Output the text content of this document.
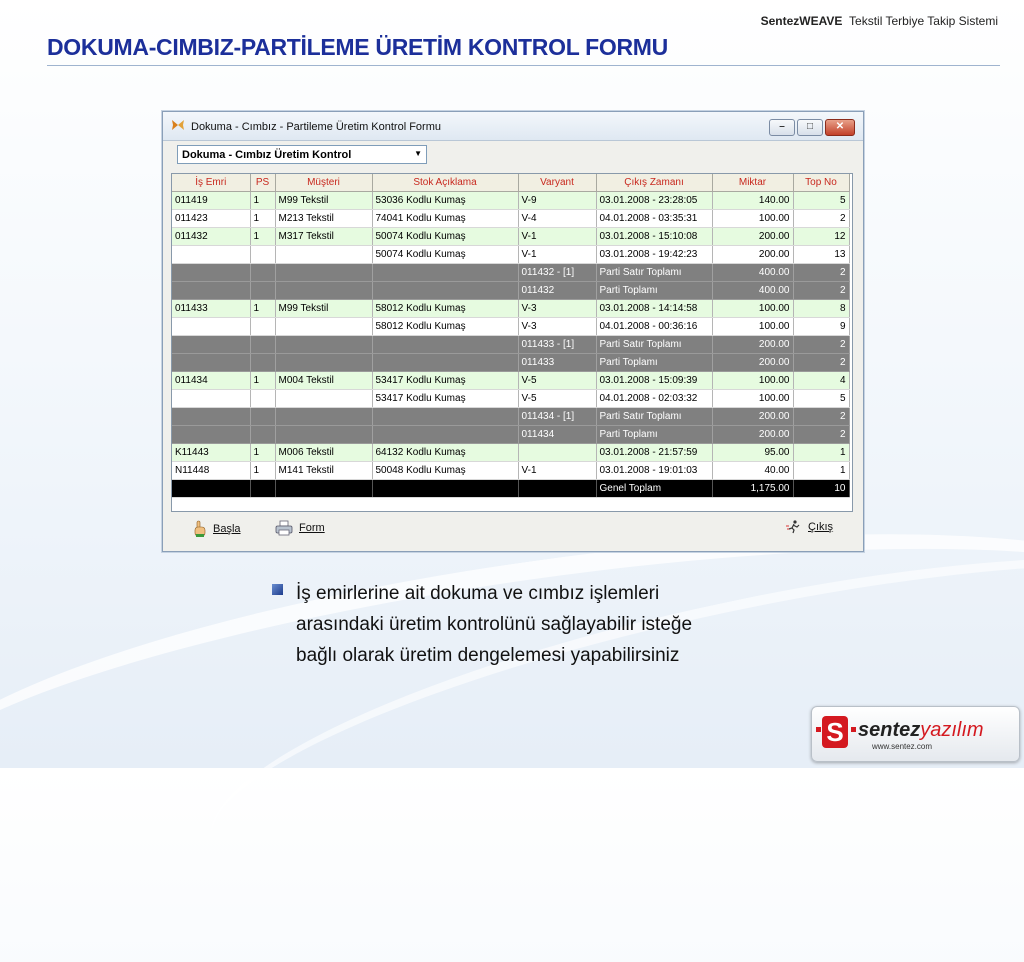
SentezWEAVE Tekstil Terbiye Takip Sistemi
DOKUMA-CIMBIZ-PARTİLEME ÜRETİM KONTROL FORMU
Dokuma - Cımbız - Partileme Üretim Kontrol Formu	–	□	✕
Dokuma - Cımbız Üretim Kontrol	▼
İş Emri	PS	Müşteri	Stok Açıklama	Varyant	Çıkış Zamanı	Miktar	Top No
011419	1	M99 Tekstil	53036 Kodlu Kumaş	V-9	03.01.2008 - 23:28:05	140.00	5
011423	1	M213 Tekstil	74041 Kodlu Kumaş	V-4	04.01.2008 - 03:35:31	100.00	2
011432	1	M317 Tekstil	50074 Kodlu Kumaş	V-1	03.01.2008 - 15:10:08	200.00	12
			50074 Kodlu Kumaş	V-1	03.01.2008 - 19:42:23	200.00	13
				011432 - [1]	Parti Satır Toplamı	400.00	2
				011432	Parti Toplamı	400.00	2
011433	1	M99 Tekstil	58012 Kodlu Kumaş	V-3	03.01.2008 - 14:14:58	100.00	8
			58012 Kodlu Kumaş	V-3	04.01.2008 - 00:36:16	100.00	9
				011433 - [1]	Parti Satır Toplamı	200.00	2
				011433	Parti Toplamı	200.00	2
011434	1	M004 Tekstil	53417 Kodlu Kumaş	V-5	03.01.2008 - 15:09:39	100.00	4
			53417 Kodlu Kumaş	V-5	04.01.2008 - 02:03:32	100.00	5
				011434 - [1]	Parti Satır Toplamı	200.00	2
				011434	Parti Toplamı	200.00	2
K11443	1	M006 Tekstil	64132 Kodlu Kumaş		03.01.2008 - 21:57:59	95.00	1
N11448	1	M141 Tekstil	50048 Kodlu Kumaş	V-1	03.01.2008 - 19:01:03	40.00	1
					Genel Toplam	1,175.00	10
Başla	Form	Çıkış
İş emirlerine ait dokuma ve cımbız işlemleri arasındaki üretim kontrolünü sağlayabilir isteğe bağlı olarak üretim dengelemesi yapabilirsiniz
S sentezyazılım
www.sentez.com
